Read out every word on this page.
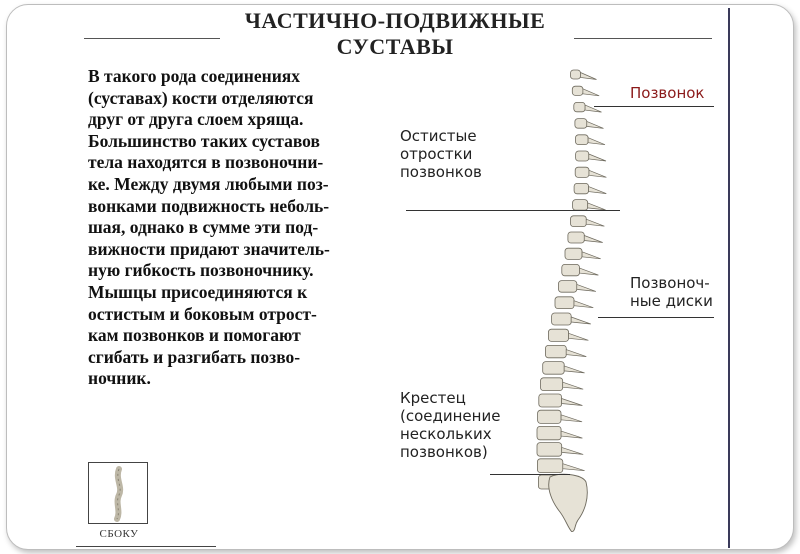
ЧАСТИЧНО-ПОДВИЖНЫЕ
СУСТАВЫ
В такого рода соединениях
(суставах) кости отделяются
друг от друга слоем хряща.
Большинство таких суставов
тела находятся в позвоночни-
ке. Между двумя любыми поз-
вонками подвижность неболь-
шая, однако в сумме эти под-
вижности придают значитель-
ную гибкость позвоночнику.
Мышцы присоединяются к
остистым и боковым отрост-
кам позвонков и помогают
сгибать и разгибать позво-
ночник.
Позвонок
Остистые
отростки
позвонков
Позвоноч-
ные диски
Крестец
(соединение
нескольких
позвонков)
СБОКУ
